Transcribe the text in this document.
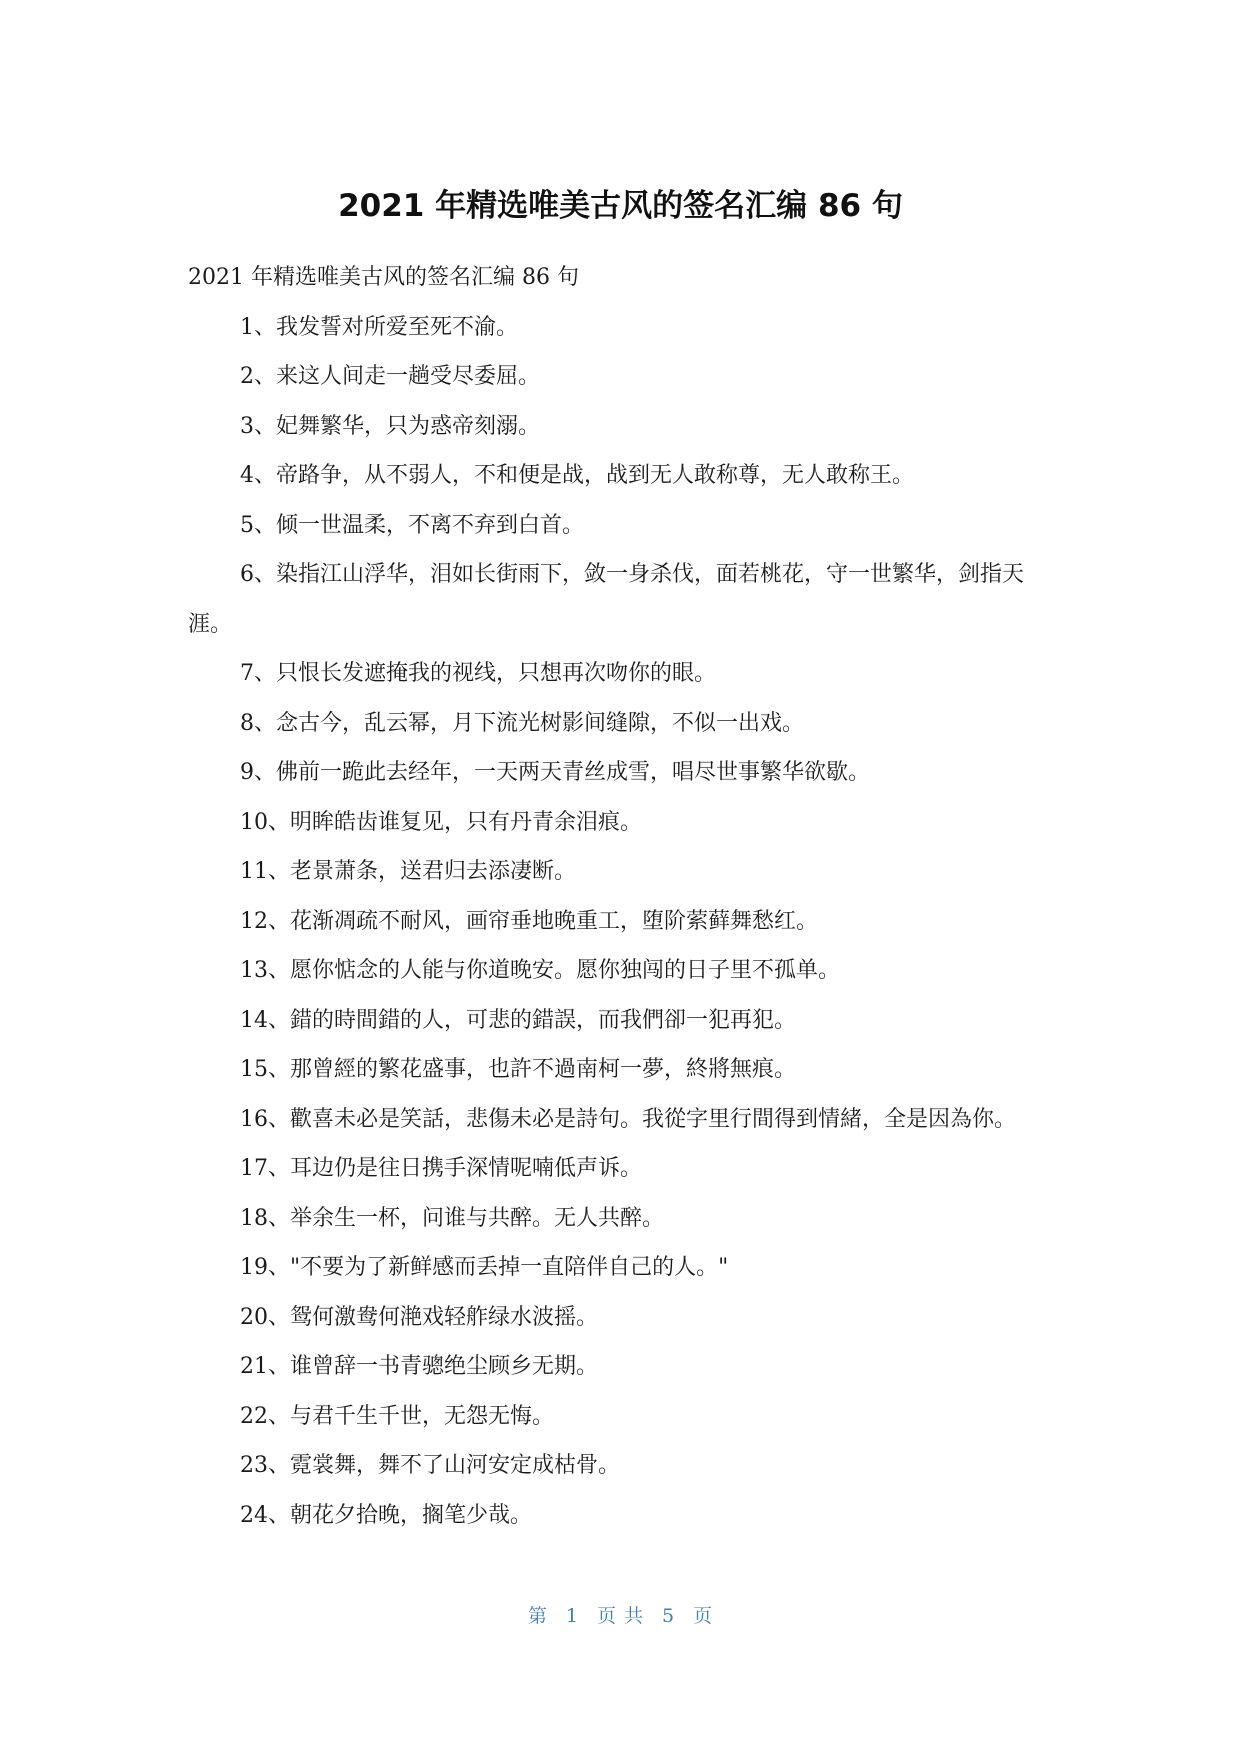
2021 年精选唯美古风的签名汇编 86 句

2021 年精选唯美古风的签名汇编 86 句

1、我发誓对所爱至死不渝。

2、来这人间走一趟受尽委屈。

3、妃舞繁华，只为惑帝刻溺。

4、帝路争，从不弱人，不和便是战，战到无人敢称尊，无人敢称王。

5、倾一世温柔，不离不弃到白首。

6、染指江山浮华，泪如长街雨下，敛一身杀伐，面若桃花，守一世繁华，剑指天涯。

7、只恨长发遮掩我的视线，只想再次吻你的眼。

8、念古今，乱云幂，月下流光树影间缝隙，不似一出戏。

9、佛前一跪此去经年，一天两天青丝成雪，唱尽世事繁华欲歇。

10、明眸皓齿谁复见，只有丹青余泪痕。

11、老景萧条，送君归去添凄断。

12、花渐凋疏不耐风，画帘垂地晚重工，堕阶萦藓舞愁红。

13、愿你惦念的人能与你道晚安。愿你独闯的日子里不孤单。

14、錯的時間錯的人，可悲的錯誤，而我們卻一犯再犯。

15、那曾經的繁花盛事，也許不過南柯一夢，終將無痕。

16、歡喜未必是笑話，悲傷未必是詩句。我從字里行間得到情緒，全是因為你。

17、耳边仍是往日携手深情呢喃低声诉。

18、举余生一杯，问谁与共醉。无人共醉。

19、"不要为了新鲜感而丢掉一直陪伴自己的人。"

20、鸳何激鸯何滟戏轻舴绿水波摇。

21、谁曾辞一书青骢绝尘顾乡无期。

22、与君千生千世，无怨无悔。

23、霓裳舞，舞不了山河安定成枯骨。

24、朝花夕拾晚，搁笔少哉。

第 1 页 共 5 页
